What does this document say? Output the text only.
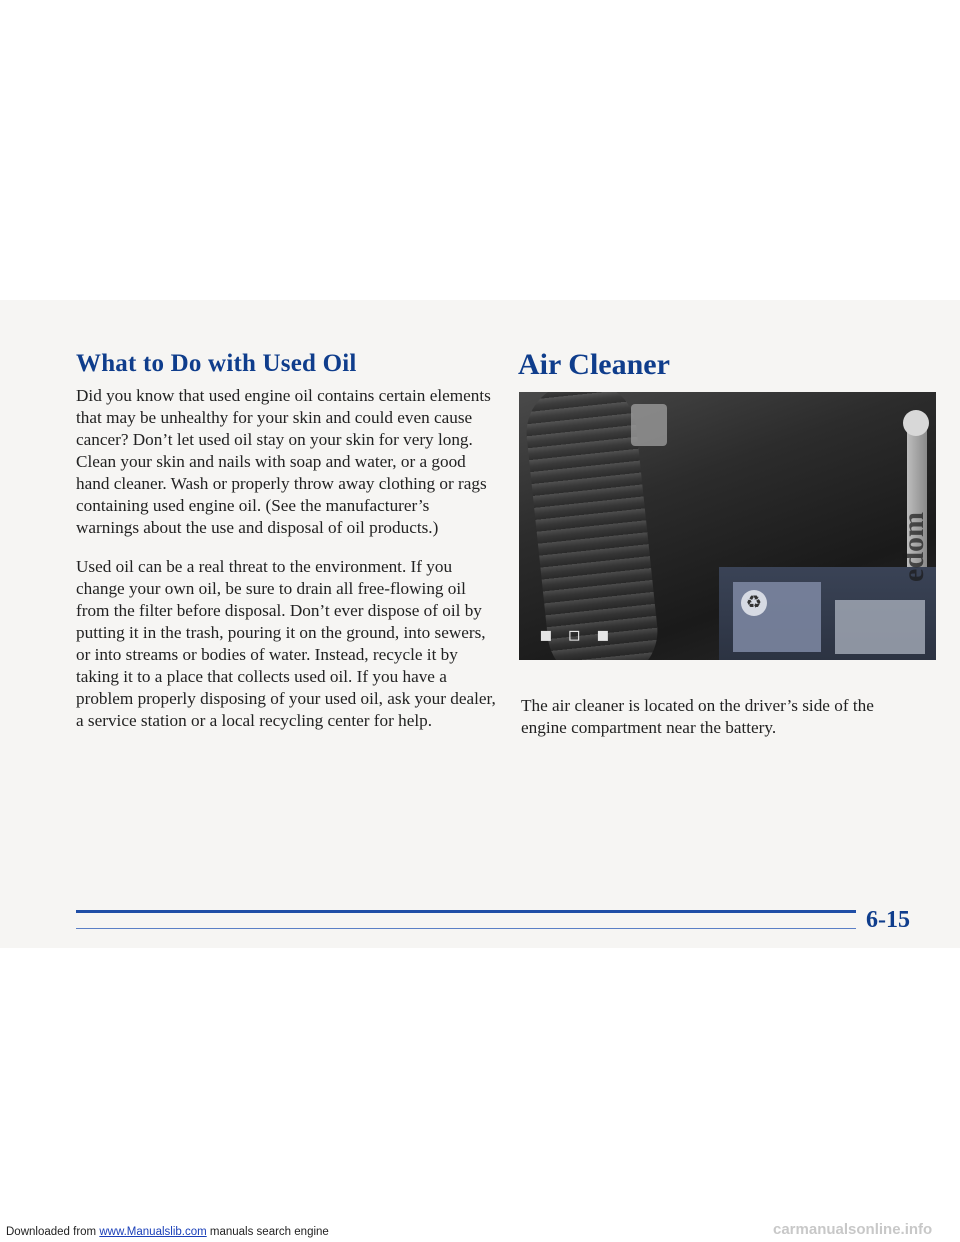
What to Do with Used Oil

Did you know that used engine oil contains certain elements that may be unhealthy for your skin and could even cause cancer? Don’t let used oil stay on your skin for very long. Clean your skin and nails with soap and water, or a good hand cleaner. Wash or properly throw away clothing or rags containing used engine oil. (See the manufacturer’s warnings about the use and disposal of oil products.)

Used oil can be a real threat to the environment. If you change your own oil, be sure to drain all free-flowing oil from the filter before disposal. Don’t ever dispose of oil by putting it in the trash, pouring it on the ground, into sewers, or into streams or bodies of water. Instead, recycle it by taking it to a place that collects used oil. If you have a problem properly disposing of your used oil, ask your dealer, a service station or a local recycling center for help.

Air Cleaner
♻
edom
▪ ▫ ▪

The air cleaner is located on the driver’s side of the engine compartment near the battery.

6-15

Downloaded from www.Manualslib.com manuals search engine	carmanualsonline.info
